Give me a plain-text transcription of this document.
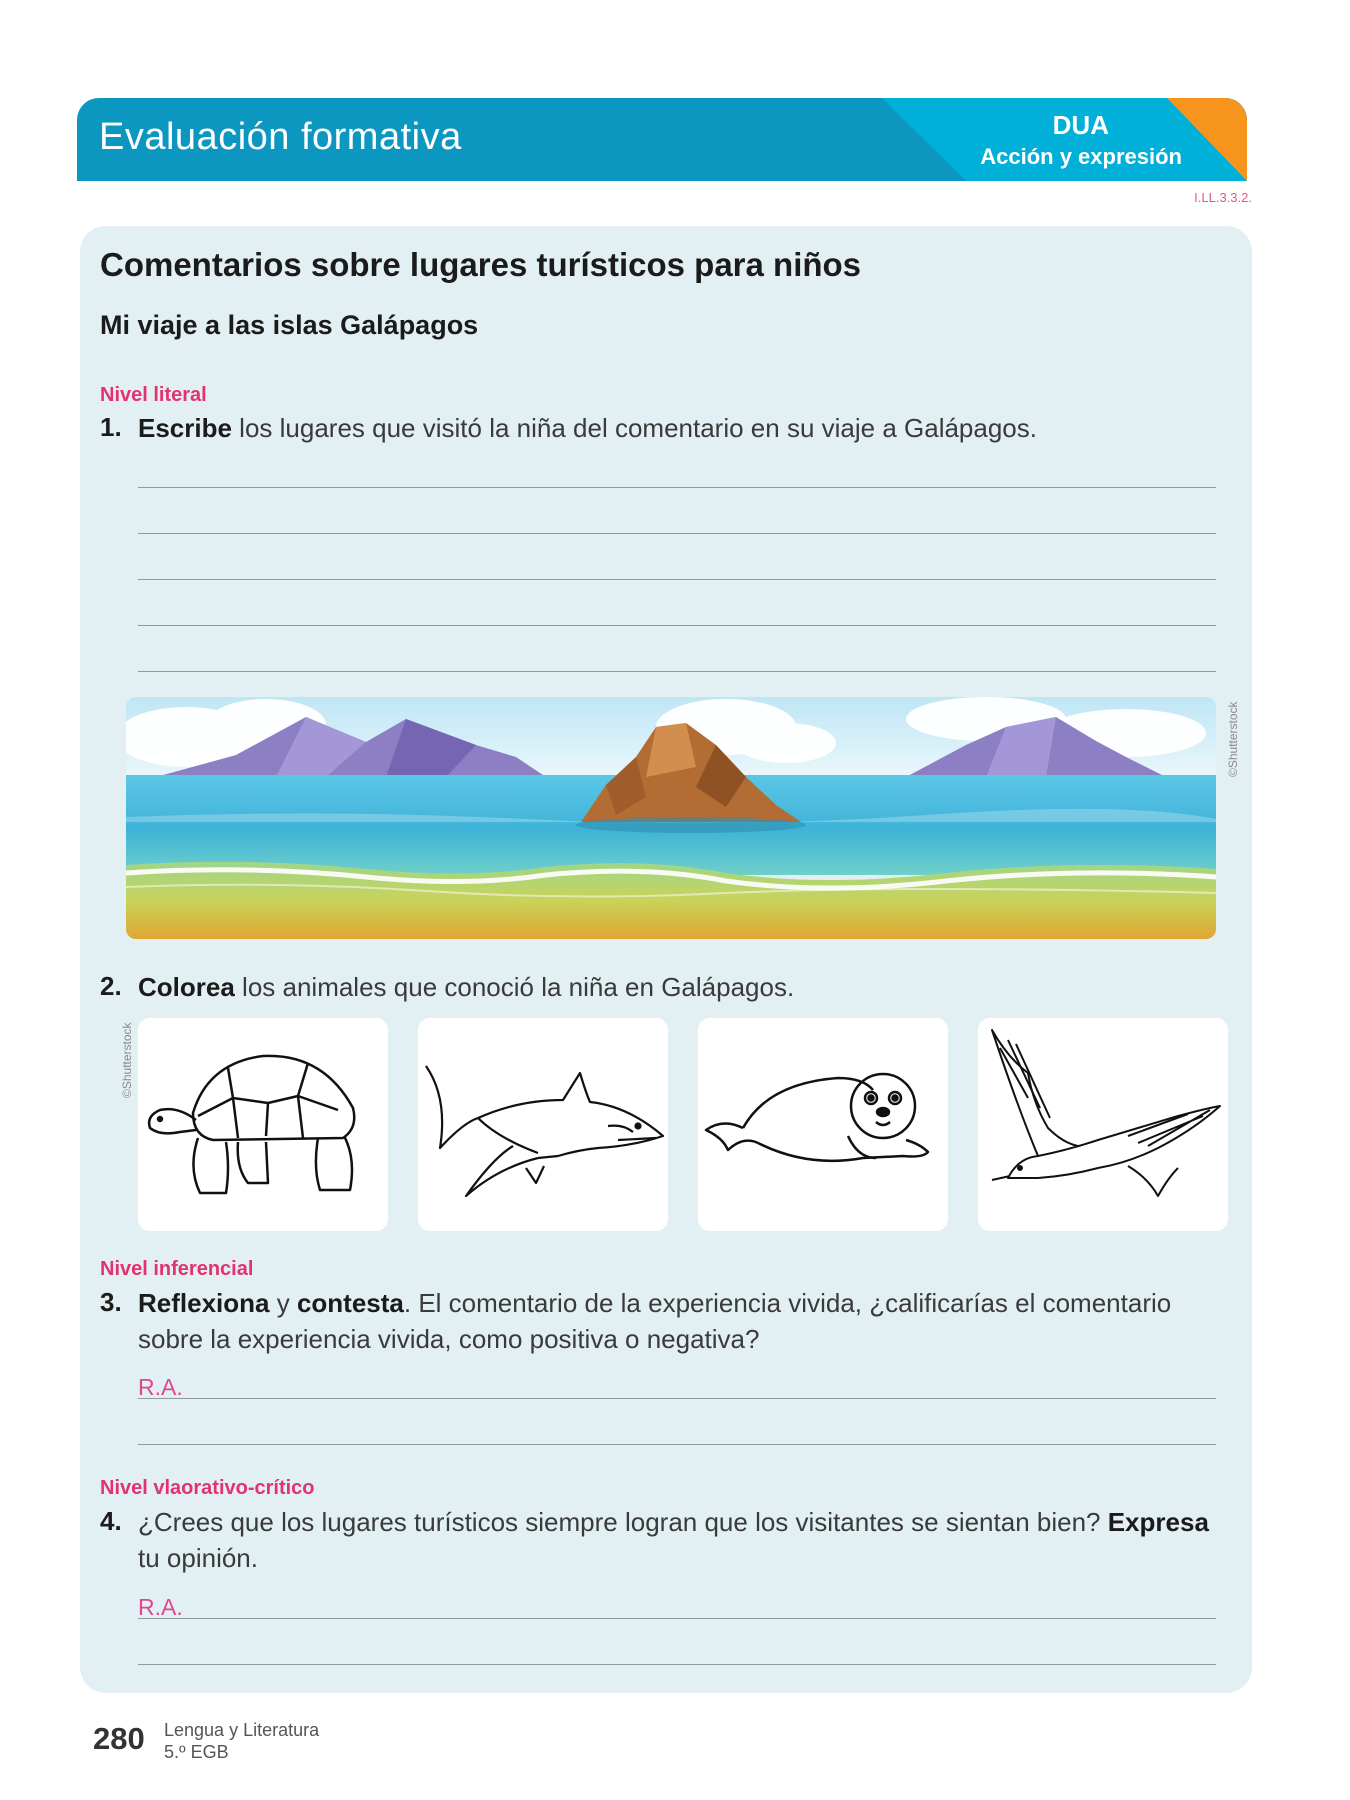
Evaluación formativa	DUA
Acción y expresión
I.LL.3.3.2.
Comentarios sobre lugares turísticos para niños
Mi viaje a las islas Galápagos
Nivel literal
1. Escribe los lugares que visitó la niña del comentario en su viaje a Galápagos.
©Shutterstock
2. Colorea los animales que conoció la niña en Galápagos.
©Shutterstock
Nivel inferencial
3. Reflexiona y contesta. El comentario de la experiencia vivida, ¿calificarías el comentario sobre la experiencia vivida, como positiva o negativa?
R.A.
Nivel vlaorativo-crítico
4. ¿Crees que los lugares turísticos siempre logran que los visitantes se sientan bien? Expresa tu opinión.
R.A.
280 Lengua y Literatura
5.º EGB
